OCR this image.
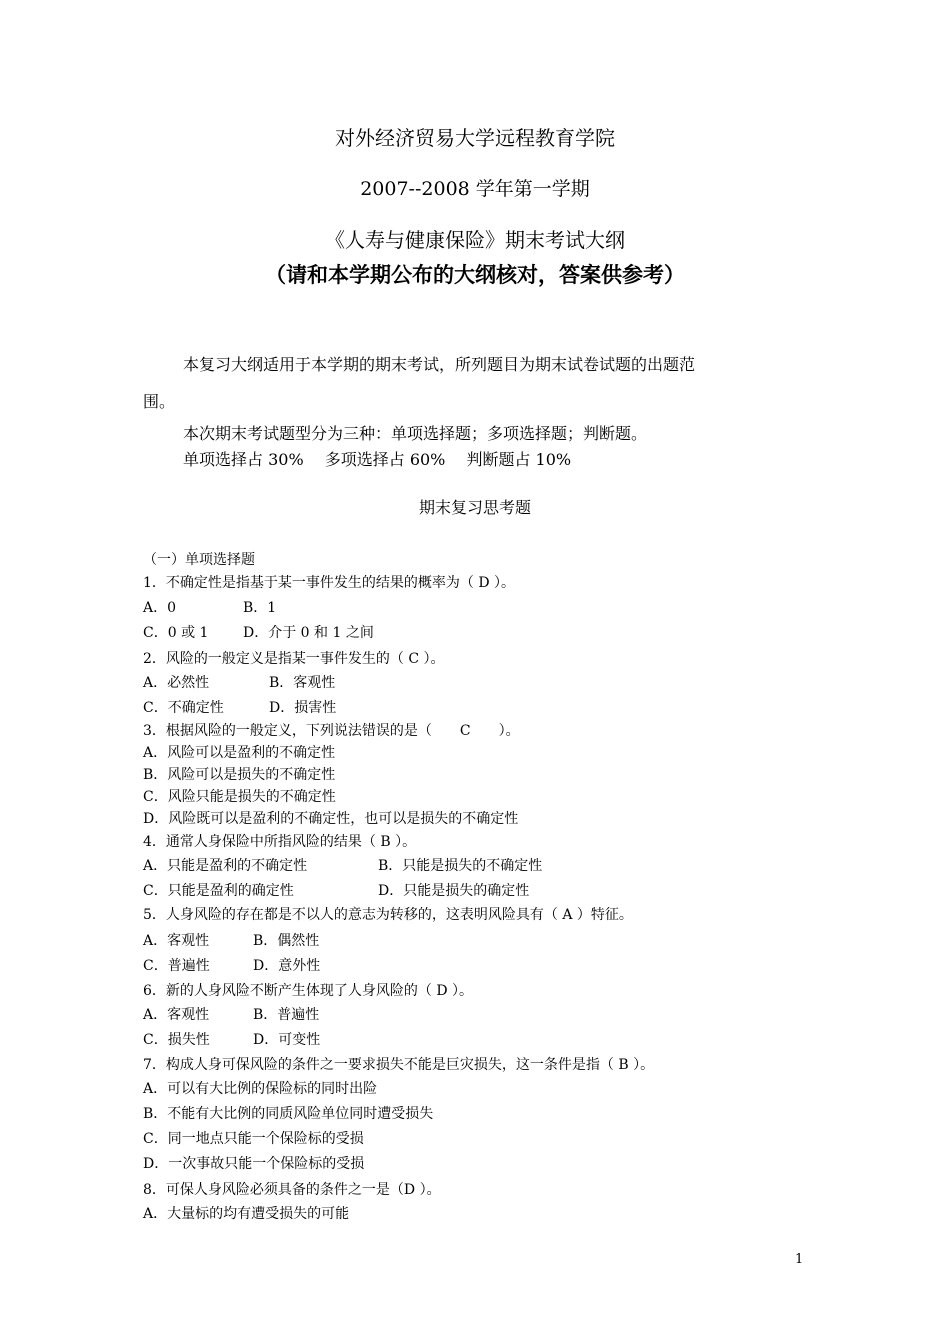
对外经济贸易大学远程教育学院
2007--2008 学年第一学期
《人寿与健康保险》期末考试大纲
（请和本学期公布的大纲核对，答案供参考）
本复习大纲适用于本学期的期末考试，所列题目为期末试卷试题的出题范
围。
本次期末考试题型分为三种：单项选择题；多项选择题；判断题。
单项选择占 30%　 多项选择占 60%　 判断题占 10%
期末复习思考题
（一）单项选择题
1．不确定性是指基于某一事件发生的结果的概率为（ D ）。
A．0	B．1
C．0 或 1 D．介于 0 和 1 之间
2．风险的一般定义是指某一事件发生的（ C ）。
A．必然性	B．客观性
C．不确定性	D．损害性
3．根据风险的一般定义，下列说法错误的是（　　C　　）。
A．风险可以是盈利的不确定性
B．风险可以是损失的不确定性
C．风险只能是损失的不确定性
D．风险既可以是盈利的不确定性，也可以是损失的不确定性
4．通常人身保险中所指风险的结果（ B ）。
A．只能是盈利的不确定性	B．只能是损失的不确定性
C．只能是盈利的确定性	D．只能是损失的确定性
5．人身风险的存在都是不以人的意志为转移的，这表明风险具有（ A ）特征。
A．客观性	B．偶然性
C．普遍性	D．意外性
6．新的人身风险不断产生体现了人身风险的（ D ）。
A．客观性	B．普遍性
C．损失性	D．可变性
7．构成人身可保风险的条件之一要求损失不能是巨灾损失，这一条件是指（ B ）。
A．可以有大比例的保险标的同时出险
B．不能有大比例的同质风险单位同时遭受损失
C．同一地点只能一个保险标的受损
D．一次事故只能一个保险标的受损
8．可保人身风险必须具备的条件之一是（D ）。
A．大量标的均有遭受损失的可能
1
